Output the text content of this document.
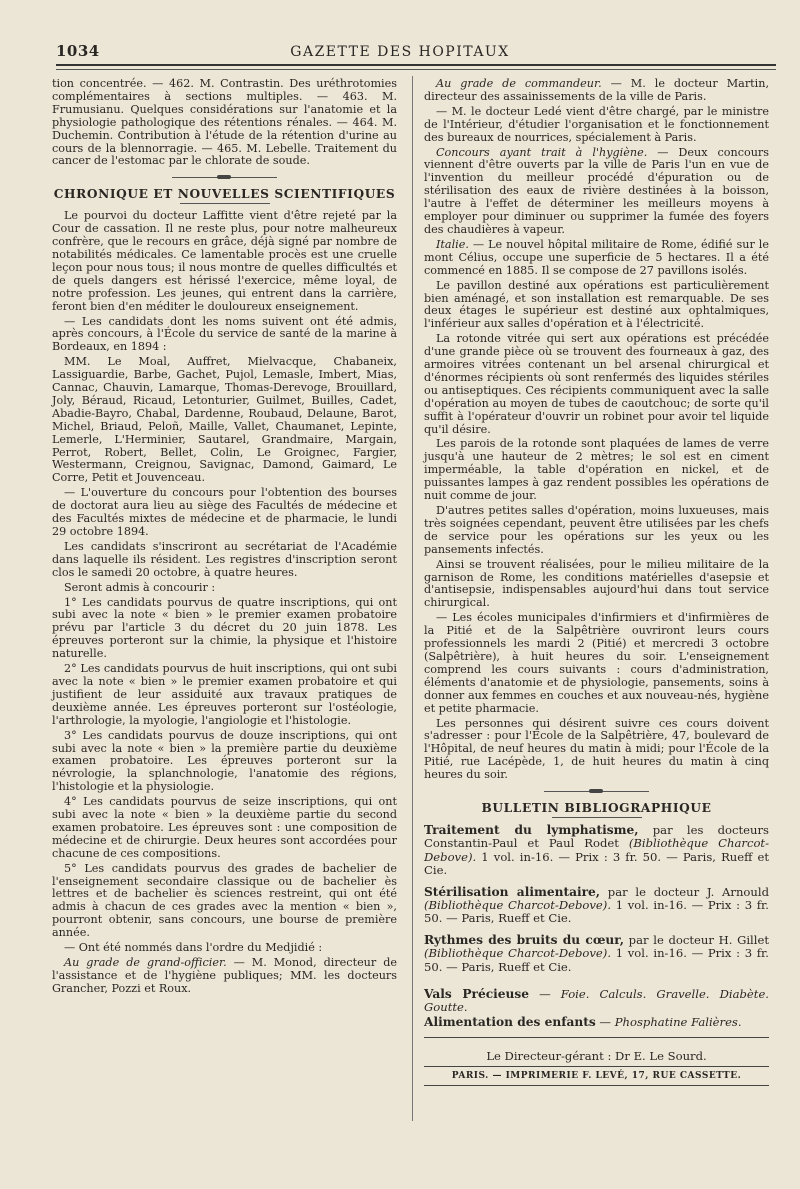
1034	GAZETTE DES HOPITAUX

tion concentrée. — 462. M. Contrastin. Des uréthrotomies complémentaires à sections multiples. — 463. M. Frumusianu. Quelques considérations sur l'anatomie et la physiologie pathologique des rétentions rénales. — 464. M. Duchemin. Contribution à l'étude de la rétention d'urine au cours de la blennorragie. — 465. M. Lebelle. Traitement du cancer de l'estomac par le chlorate de soude.

CHRONIQUE ET NOUVELLES SCIENTIFIQUES

Le pourvoi du docteur Laffitte vient d'être rejeté par la Cour de cassation. Il ne reste plus, pour notre malheureux confrère, que le recours en grâce, déjà signé par nombre de notabilités médicales. Ce lamentable procès est une cruelle leçon pour nous tous; il nous montre de quelles difficultés et de quels dangers est hérissé l'exercice, même loyal, de notre profession. Les jeunes, qui entrent dans la carrière, feront bien d'en méditer le douloureux enseignement.

— Les candidats dont les noms suivent ont été admis, après concours, à l'École du service de santé de la marine à Bordeaux, en 1894 :

MM. Le Moal, Auffret, Mielvacque, Chabaneix, Lassiguardie, Barbe, Gachet, Pujol, Lemasle, Imbert, Mias, Cannac, Chauvin, Lamarque, Thomas-Derevoge, Brouillard, Joly, Béraud, Ricaud, Letonturier, Guilmet, Builles, Cadet, Abadie-Bayro, Chabal, Dardenne, Roubaud, Delaune, Barot, Michel, Briaud, Peloñ, Maille, Vallet, Chaumanet, Lepinte, Lemerle, L'Herminier, Sautarel, Grandmaire, Margain, Perrot, Robert, Bellet, Colin, Le Groignec, Fargier, Westermann, Creignou, Savignac, Damond, Gaimard, Le Corre, Petit et Jouvenceau.

— L'ouverture du concours pour l'obtention des bourses de doctorat aura lieu au siège des Facultés de médecine et des Facultés mixtes de médecine et de pharmacie, le lundi 29 octobre 1894.

Les candidats s'inscriront au secrétariat de l'Académie dans laquelle ils résident. Les registres d'inscription seront clos le samedi 20 octobre, à quatre heures.

Seront admis à concourir :

1° Les candidats pourvus de quatre inscriptions, qui ont subi avec la note « bien » le premier examen probatoire prévu par l'article 3 du décret du 20 juin 1878. Les épreuves porteront sur la chimie, la physique et l'histoire naturelle.

2° Les candidats pourvus de huit inscriptions, qui ont subi avec la note « bien » le premier examen probatoire et qui justifient de leur assiduité aux travaux pratiques de deuxième année. Les épreuves porteront sur l'ostéologie, l'arthrologie, la myologie, l'angiologie et l'histologie.

3° Les candidats pourvus de douze inscriptions, qui ont subi avec la note « bien » la première partie du deuxième examen probatoire. Les épreuves porteront sur la névrologie, la splanchnologie, l'anatomie des régions, l'histologie et la physiologie.

4° Les candidats pourvus de seize inscriptions, qui ont subi avec la note « bien » la deuxième partie du second examen probatoire. Les épreuves sont : une composition de médecine et de chirurgie. Deux heures sont accordées pour chacune de ces compositions.

5° Les candidats pourvus des grades de bachelier de l'enseignement secondaire classique ou de bachelier ès lettres et de bachelier ès sciences restreint, qui ont été admis à chacun de ces grades avec la mention « bien », pourront obtenir, sans concours, une bourse de première année.

— Ont été nommés dans l'ordre du Medjidié :

Au grade de grand-officier. — M. Monod, directeur de l'assistance et de l'hygiène publiques; MM. les docteurs Grancher, Pozzi et Roux.

Au grade de commandeur. — M. le docteur Martin, directeur des assainissements de la ville de Paris.

— M. le docteur Ledé vient d'être chargé, par le ministre de l'Intérieur, d'étudier l'organisation et le fonctionnement des bureaux de nourrices, spécialement à Paris.

Concours ayant trait à l'hygiène. — Deux concours viennent d'être ouverts par la ville de Paris l'un en vue de l'invention du meilleur procédé d'épuration ou de stérilisation des eaux de rivière destinées à la boisson, l'autre à l'effet de déterminer les meilleurs moyens à employer pour diminuer ou supprimer la fumée des foyers des chaudières à vapeur.

Italie. — Le nouvel hôpital militaire de Rome, édifié sur le mont Célius, occupe une superficie de 5 hectares. Il a été commencé en 1885. Il se compose de 27 pavillons isolés.

Le pavillon destiné aux opérations est particulièrement bien aménagé, et son installation est remarquable. De ses deux étages le supérieur est destiné aux ophtalmiques, l'inférieur aux salles d'opération et à l'électricité.

La rotonde vitrée qui sert aux opérations est précédée d'une grande pièce où se trouvent des fourneaux à gaz, des armoires vitrées contenant un bel arsenal chirurgical et d'énormes récipients où sont renfermés des liquides stériles ou antiseptiques. Ces récipients communiquent avec la salle d'opération au moyen de tubes de caoutchouc; de sorte qu'il suffit à l'opérateur d'ouvrir un robinet pour avoir tel liquide qu'il désire.

Les parois de la rotonde sont plaquées de lames de verre jusqu'à une hauteur de 2 mètres; le sol est en ciment imperméable, la table d'opération en nickel, et de puissantes lampes à gaz rendent possibles les opérations de nuit comme de jour.

D'autres petites salles d'opération, moins luxueuses, mais très soignées cependant, peuvent être utilisées par les chefs de service pour les opérations sur les yeux ou les pansements infectés.

Ainsi se trouvent réalisées, pour le milieu militaire de la garnison de Rome, les conditions matérielles d'asepsie et d'antisepsie, indispensables aujourd'hui dans tout service chirurgical.

— Les écoles municipales d'infirmiers et d'infirmières de la Pitié et de la Salpêtrière ouvriront leurs cours professionnels les mardi 2 (Pitié) et mercredi 3 octobre (Salpêtrière), à huit heures du soir. L'enseignement comprend les cours suivants : cours d'administration, éléments d'anatomie et de physiologie, pansements, soins à donner aux femmes en couches et aux nouveau-nés, hygiène et petite pharmacie.

Les personnes qui désirent suivre ces cours doivent s'adresser : pour l'École de la Salpêtrière, 47, boulevard de l'Hôpital, de neuf heures du matin à midi; pour l'École de la Pitié, rue Lacépède, 1, de huit heures du matin à cinq heures du soir.

BULLETIN BIBLIOGRAPHIQUE

Traitement du lymphatisme, par les docteurs Constantin-Paul et Paul Rodet (Bibliothèque Charcot-Debove). 1 vol. in-16. — Prix : 3 fr. 50. — Paris, Rueff et Cie.

Stérilisation alimentaire, par le docteur J. Arnould (Bibliothèque Charcot-Debove). 1 vol. in-16. — Prix : 3 fr. 50. — Paris, Rueff et Cie.

Rythmes des bruits du cœur, par le docteur H. Gillet (Bibliothèque Charcot-Debove). 1 vol. in-16. — Prix : 3 fr. 50. — Paris, Rueff et Cie.

Vals Précieuse — Foie. Calculs. Gravelle. Diabète. Goutte.

Alimentation des enfants — Phosphatine Falières.

Le Directeur-gérant : Dr E. Le Sourd.
PARIS. — IMPRIMERIE F. LEVÉ, 17, RUE CASSETTE.
